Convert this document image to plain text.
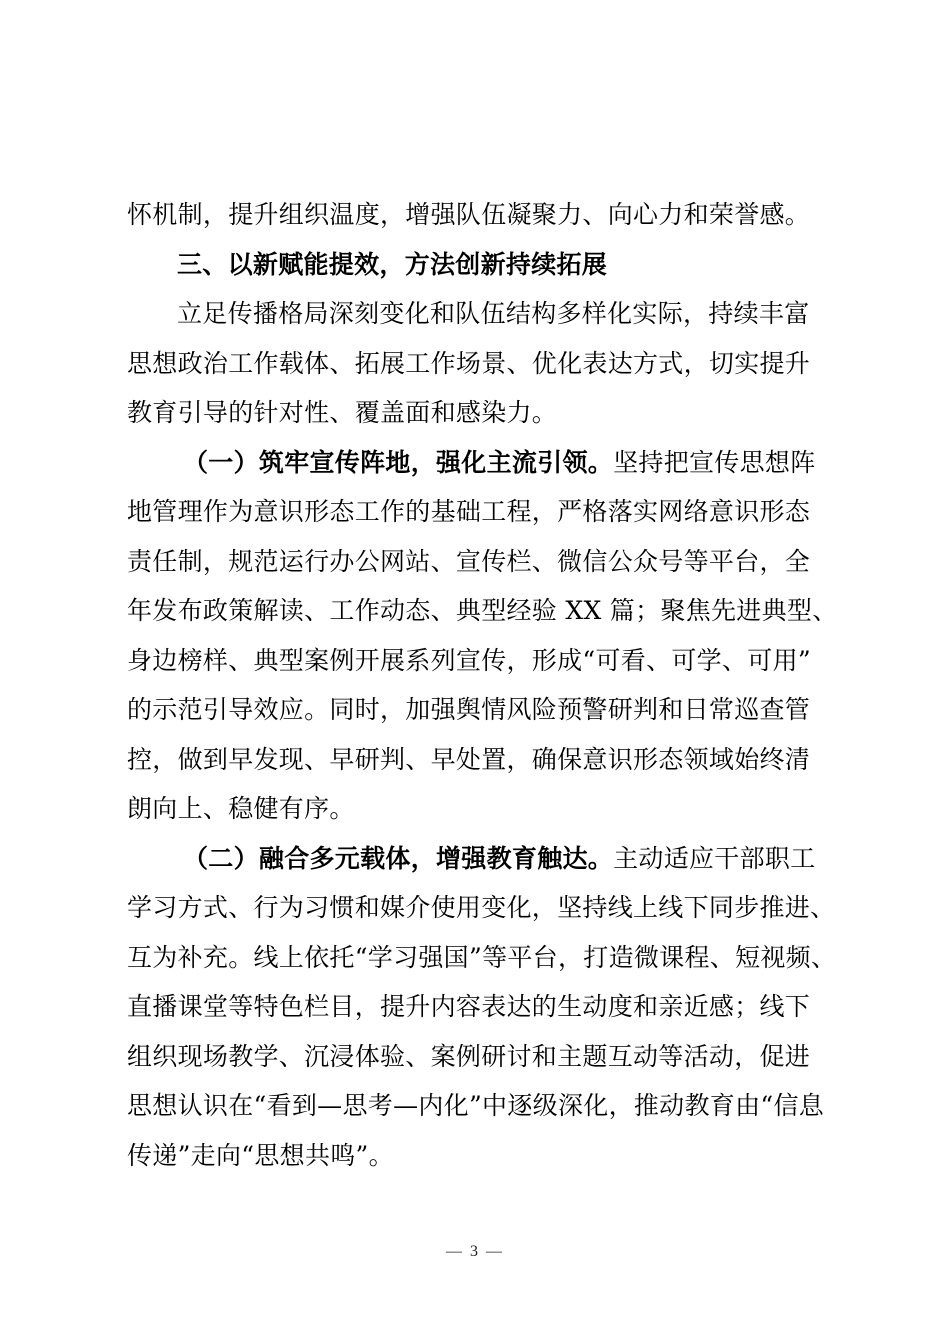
怀机制，提升组织温度，增强队伍凝聚力、向心力和荣誉感。
三、以新赋能提效，方法创新持续拓展
立足传播格局深刻变化和队伍结构多样化实际，持续丰富
思想政治工作载体、拓展工作场景、优化表达方式，切实提升
教育引导的针对性、覆盖面和感染力。
（一）筑牢宣传阵地，强化主流引领。坚持把宣传思想阵
地管理作为意识形态工作的基础工程，严格落实网络意识形态
责任制，规范运行办公网站、宣传栏、微信公众号等平台，全
年发布政策解读、工作动态、典型经验 XX 篇；聚焦先进典型、
身边榜样、典型案例开展系列宣传，形成“可看、可学、可用”
的示范引导效应。同时，加强舆情风险预警研判和日常巡查管
控，做到早发现、早研判、早处置，确保意识形态领域始终清
朗向上、稳健有序。
（二）融合多元载体，增强教育触达。主动适应干部职工
学习方式、行为习惯和媒介使用变化，坚持线上线下同步推进、
互为补充。线上依托“学习强国”等平台，打造微课程、短视频、
直播课堂等特色栏目，提升内容表达的生动度和亲近感；线下
组织现场教学、沉浸体验、案例研讨和主题互动等活动，促进
思想认识在“看到—思考—内化”中逐级深化，推动教育由“信息
传递”走向“思想共鸣”。
— 3 —
